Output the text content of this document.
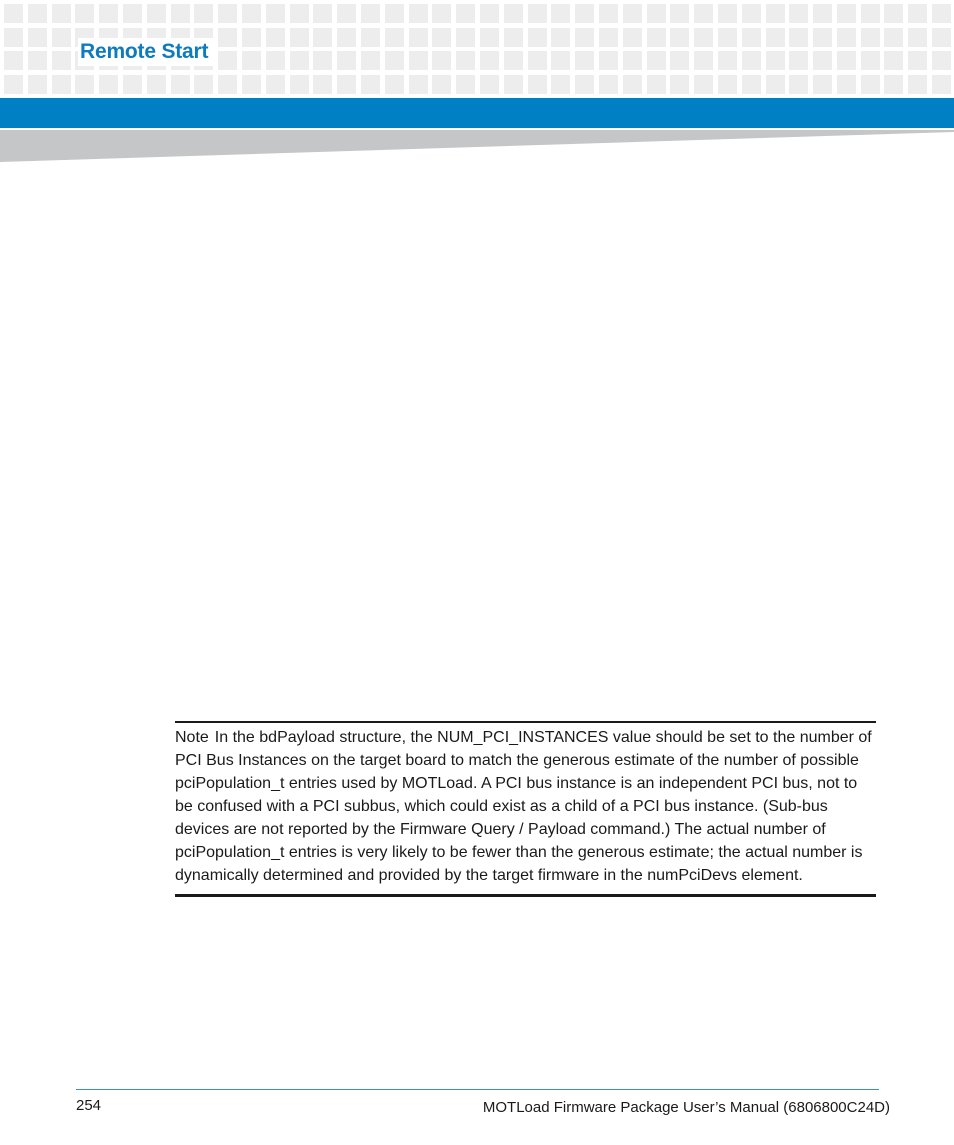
Remote Start
Note In the bdPayload structure, the NUM_PCI_INSTANCES value should be set to the number of PCI Bus Instances on the target board to match the generous estimate of the number of possible pciPopulation_t entries used by MOTLoad. A PCI bus instance is an independent PCI bus, not to be confused with a PCI subbus, which could exist as a child of a PCI bus instance. (Sub-bus devices are not reported by the Firmware Query / Payload command.) The actual number of pciPopulation_t entries is very likely to be fewer than the generous estimate; the actual number is dynamically determined and provided by the target firmware in the numPciDevs element.
254	MOTLoad Firmware Package User’s Manual (6806800C24D)
